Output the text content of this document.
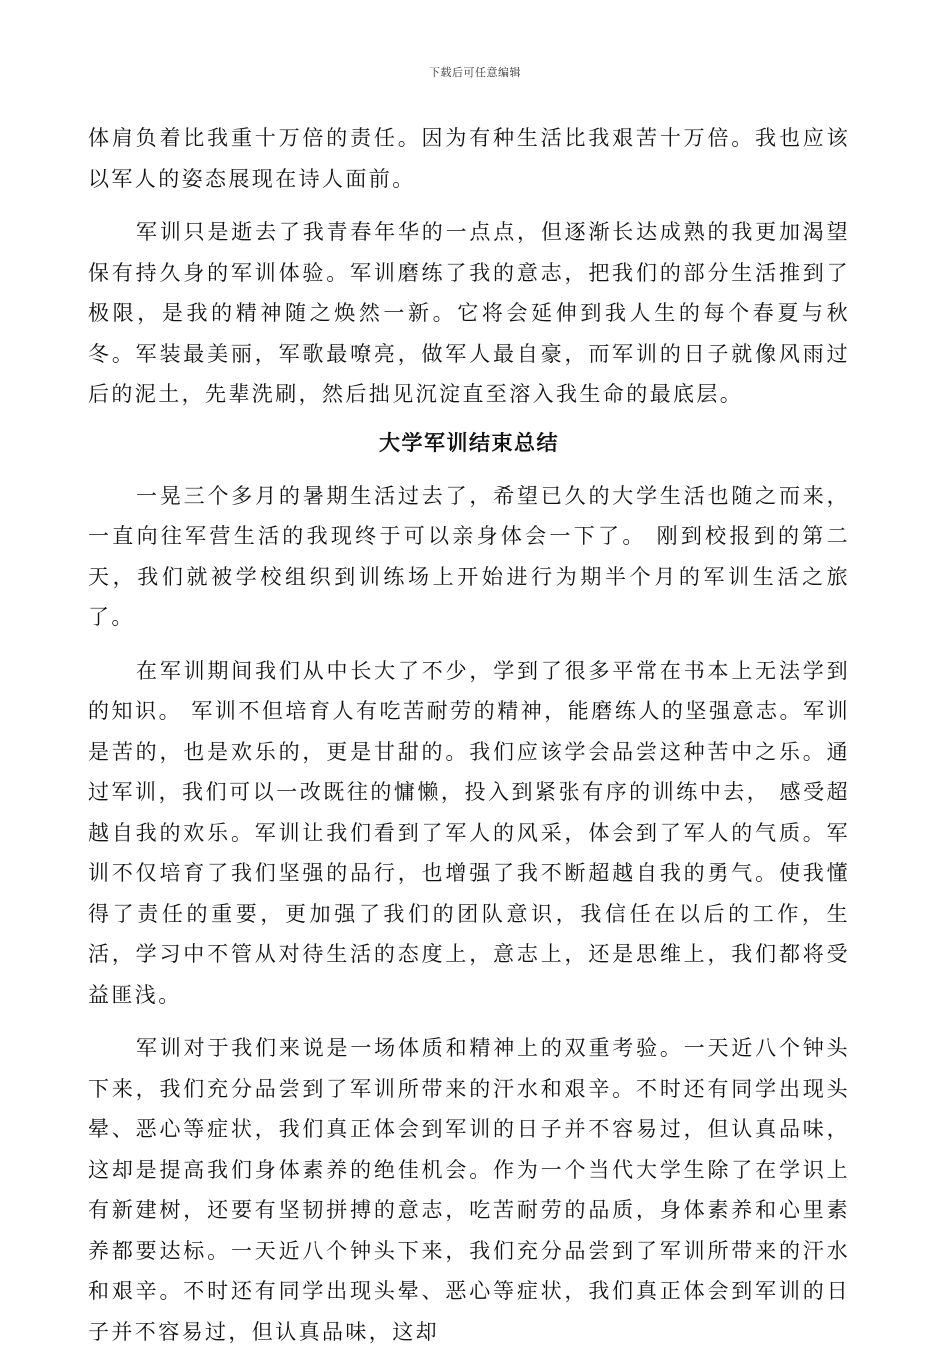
下载后可任意编辑

体肩负着比我重十万倍的责任。因为有种生活比我艰苦十万倍。我也应该以军人的姿态展现在诗人面前。

军训只是逝去了我青春年华的一点点，但逐渐长达成熟的我更加渴望保有持久身的军训体验。军训磨练了我的意志，把我们的部分生活推到了极限，是我的精神随之焕然一新。它将会延伸到我人生的每个春夏与秋冬。军装最美丽，军歌最嘹亮，做军人最自豪，而军训的日子就像风雨过后的泥土，先辈洗刷，然后拙见沉淀直至溶入我生命的最底层。

大学军训结束总结

一晃三个多月的暑期生活过去了，希望已久的大学生活也随之而来，一直向往军营生活的我现终于可以亲身体会一下了。 刚到校报到的第二天，我们就被学校组织到训练场上开始进行为期半个月的军训生活之旅了。

在军训期间我们从中长大了不少，学到了很多平常在书本上无法学到的知识。 军训不但培育人有吃苦耐劳的精神，能磨练人的坚强意志。军训是苦的，也是欢乐的，更是甘甜的。我们应该学会品尝这种苦中之乐。通过军训，我们可以一改既往的慵懒，投入到紧张有序的训练中去， 感受超越自我的欢乐。军训让我们看到了军人的风采，体会到了军人的气质。军训不仅培育了我们坚强的品行，也增强了我不断超越自我的勇气。使我懂得了责任的重要，更加强了我们的团队意识，我信任在以后的工作，生活，学习中不管从对待生活的态度上，意志上，还是思维上，我们都将受益匪浅。

军训对于我们来说是一场体质和精神上的双重考验。一天近八个钟头下来，我们充分品尝到了军训所带来的汗水和艰辛。不时还有同学出现头晕、恶心等症状，我们真正体会到军训的日子并不容易过，但认真品味，这却是提高我们身体素养的绝佳机会。作为一个当代大学生除了在学识上有新建树，还要有坚韧拼搏的意志，吃苦耐劳的品质，身体素养和心里素养都要达标。一天近八个钟头下来，我们充分品尝到了军训所带来的汗水和艰辛。不时还有同学出现头晕、恶心等症状，我们真正体会到军训的日子并不容易过，但认真品味，这却
